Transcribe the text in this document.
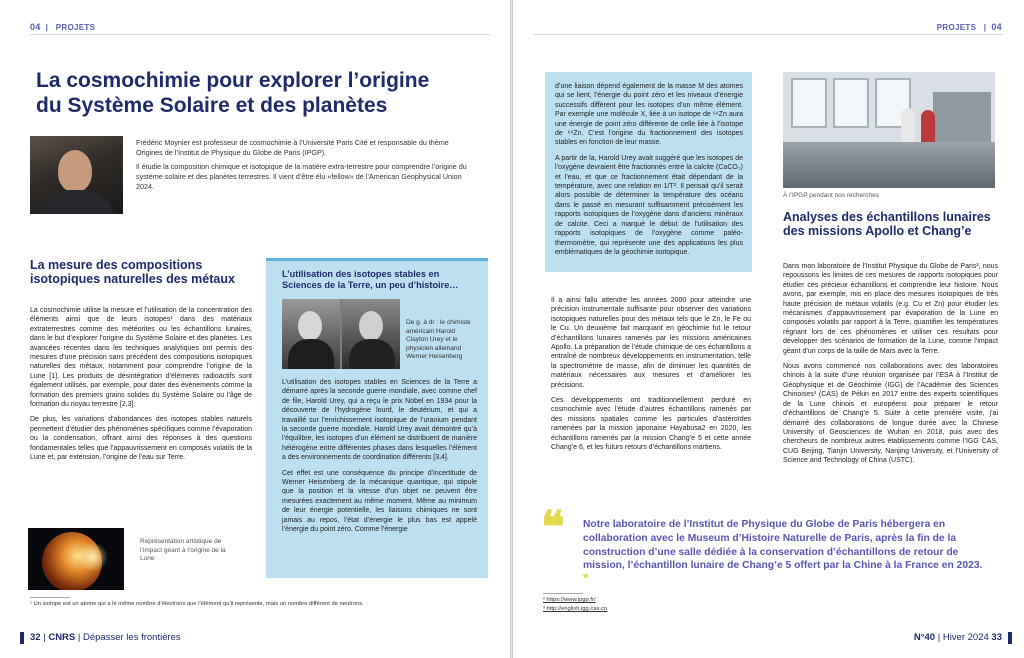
04  |   PROJETS
La cosmochimie pour explorer l’origine du Système Solaire et des planètes

Frédéric Moynier est professeur de cosmochimie à l’Université Paris Cité et responsable du thème Origines de l’Institut de Physique du Globe de Paris (IPGP).

Il étudie la composition chimique et isotopique de la matière extra-terrestre pour comprendre l’origine du système solaire et des planètes terrestres. Il vient d’être élu «fellow» de l’American Geophysical Union 2024.

La mesure des compositions isotopiques naturelles des métaux

La cosmochimie utilise la mesure et l’utilisation de la concentration des éléments ainsi que de leurs isotopes¹ dans des matériaux extraterrestres comme des météorites ou les échantillons lunaires, dans le but d’explorer l’origine du Système Solaire et des planètes. Les avancées récentes dans les techniques analytiques ont permis des mesures d’une précision sans précédent des compositions isotopiques naturelles des métaux, notamment pour comprendre l’origine de la Lune [1]. Les produits de désintégration d’éléments radioactifs sont également utilisés, par exemple, pour dater des évènements comme la formation des premiers grains solides du Système Solaire ou l’âge de formation du noyau terrestre [2,3].

De plus, les variations d’abondances des isotopes stables naturels permettent d’étudier des phénomènes spécifiques comme l’évaporation ou la condensation, offrant ainsi des réponses à des questions fondamentales telles que l’appauvrissement en composés volatils de la Lune et, par extension, l’origine de l’eau sur Terre.

Représentation artistique de l’impact géant à l’origine de la Lune
L’utilisation des isotopes stables en Sciences de la Terre, un peu d’histoire…
De g. à dr : le chimiste américain Harold Clayton Urey et le physicien allemand Werner Heisenberg

L’utilisation des isotopes stables en Sciences de la Terre a démarré après la seconde guerre mondiale, avec comme chef de file, Harold Urey, qui a reçu le prix Nobel en 1934 pour la découverte de l’hydrogène lourd, le deutérium, et qui a travaillé sur l’enrichissement isotopique de l’uranium pendant la seconde guerre mondiale. Harold Urey avait démontré qu’à l’équilibre, les isotopes d’un élément se distribuent de manière hétérogène entre différentes phases dans lesquelles l’élément a des environnements de coordination différents [3,4].

Cet effet est une conséquence du principe d’incertitude de Werner Heisenberg de la mécanique quantique, qui stipule que la position et la vitesse d’un objet ne peuvent être mesurées exactement au même moment. Même au minimum de leur énergie potentielle, les liaisons chimiques ne sont jamais au repos, l’état d’énergie le plus bas est appelé l’énergie du point zéro. Comme l’énergie

¹ Un isotope est un atome qui a le même nombre d’électrons que l’élément qu’il représente, mais un nombre différent de neutrons.
32 | CNRS | Dépasser les frontières
PROJETS   |  04

d’une liaison dépend également de la masse M des atomes qui se lient, l’énergie du point zéro et les niveaux d’énergie successifs diffèrent pour les isotopes d’un même élément. Par exemple une molécule X, liée à un isotope de ⁶⁶Zn aura une énergie de point zéro différente de celle liée à l’isotope de ⁶⁴Zn. C’est l’origine du fractionnement des isotopes stables en fonction de leur masse.

A partir de la, Harold Urey avait suggéré que les isotopes de l’oxygène devraient être fractionnés entre la calcite (CaCO₃) et l’eau, et que ce fractionnement était dépendant de la température, avec une relation en 1/T². Il pensait qu’il serait alors possible de déterminer la température des océans dans le passé en mesurant suffisamment précisément les rapports isotopiques de l’oxygène dans d’anciens minéraux de calcite. Ceci a marqué le début de l’utilisation des rapports isotopiques de l’oxygène comme paléo-thermomètre, qui représente une des applications les plus emblématiques de la géochimie isotopique.

Il a ainsi fallu attendre les années 2000 pour atteindre une précision instrumentale suffisante pour observer des variations isotopiques naturelles pour des métaux tels que le Zn, le Fe ou le Cu. Un deuxième fait marquant en géochimie fut le retour d’échantillons lunaires ramenés par les missions américaines Apollo. La préparation de l’étude chimique de ces échantillons a entraîné de nombreux développements en instrumentation, telle la spectrométrie de masse, afin de diminuer les quantités de matériaux nécessaires aux mesures et d’améliorer les précisions.

Ces développements ont traditionnellement perduré en cosmochimie avec l’étude d’autres échantillons ramenés par des missions spatiales comme les particules d’astéroïdes ramenées par la mission japonaise Hayabusa2 en 2020, les échantillons ramenés par la mission Chang’e 5 et cette année Chang’e 6, et les futurs retours d’échantillons martiens.

À l’IPGP pendant nos recherches
Analyses des échantillons lunaires des missions Apollo et Chang’e

Dans mon laboratoire de l’Institut Physique du Globe de Paris², nous repoussons les limites de ces mesures de rapports isotopiques pour étudier ces précieux échantillons et comprendre leur histoire. Nous avons, par exemple, mis en place des mesures isotopiques de très haute précision de métaux volatils (e.g. Cu et Zn) pour étudier les mécanismes d’appauvrissement par évaporation de la Lune en composés volatils par rapport à la Terre, quantifier les températures régnant lors de ces phénomènes et utiliser ces résultats pour développer des scénarios de formation de la Lune, comme l’impact géant d’un corps de la taille de Mars avec la Terre.

Nous avons commencé nos collaborations avec des laboratoires chinois à la suite d’une réunion organisée par l’ESA à l’Institut de Géophysique et de Géochimie (IGG) de l’Académie des Sciences Chinoises³ (CAS) de Pékin en 2017 entre des experts scientifiques de la Lune chinois et européens pour préparer le retour d’échantillons de Chang’e 5. Suite à cette première visite, j’ai démarré des collaborations de longue durée avec la Chinese University of Geosciences de Wuhan en 2018, puis avec des chercheurs de nombreux autres établissements comme l’IGG CAS, CUG Beijing, Tianjin University, Nanjing University, et l’University of Science and Technology of China (USTC).

❝ Notre laboratoire de l’Institut de Physique du Globe de Paris hébergera en collaboration avec le Museum d’Histoire Naturelle de Paris, après la fin de la construction d’une salle dédiée à la conservation d’échantillons de retour de mission, l’échantillon lunaire de Chang’e 5 offert par la Chine à la France en 2023. ❞
² https://www.ipgp.fr/
³ http://english.igg.cas.cn
N°40 | Hiver 2024 33
